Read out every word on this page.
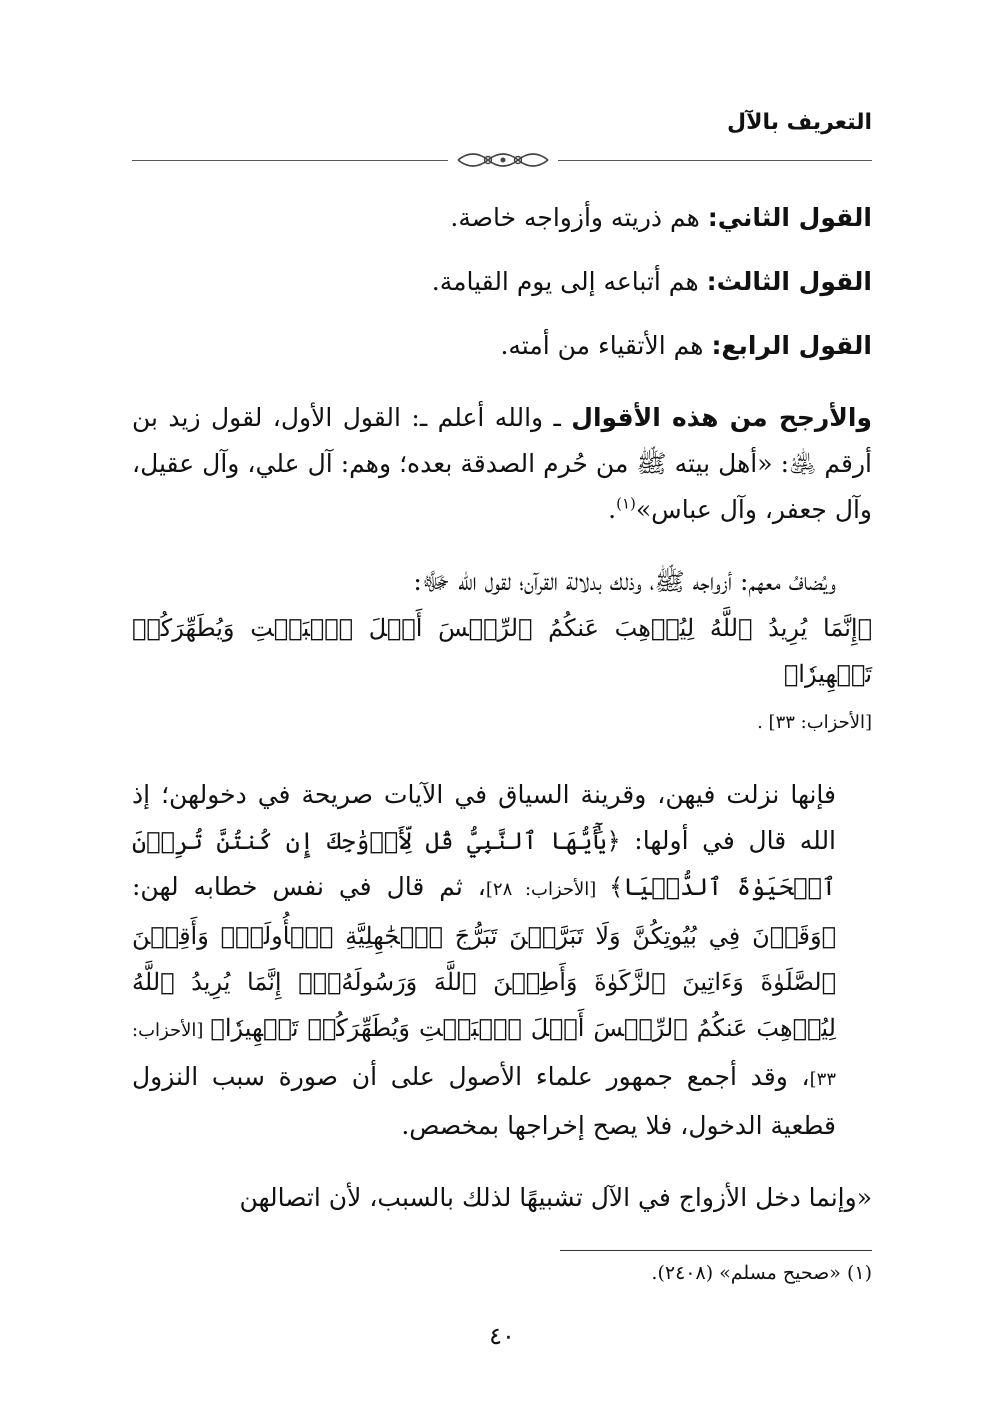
التعريف بالآل

القول الثاني: هم ذريته وأزواجه خاصة.

القول الثالث: هم أتباعه إلى يوم القيامة.

القول الرابع: هم الأتقياء من أمته.

والأرجح من هذه الأقوال ـ والله أعلم ـ: القول الأول، لقول زيد بن أرقم ﵁: «أهل بيته ﷺ من حُرم الصدقة بعده؛ وهم: آل علي، وآل عقيل، وآل جعفر، وآل عباس»$^{(١)}$.

ويُضافُ معهم: أزواجه ﷺ، وذلك بدلالة القرآن؛ لقول الله ﷻ:

﴿إِنَّمَا يُرِيدُ ٱللَّهُ لِيُذۡهِبَ عَنكُمُ ٱلرِّجۡسَ أَهۡلَ ٱلۡبَيۡتِ وَيُطَهِّرَكُمۡ تَطۡهِيرٗا﴾

[الأحزاب: ٣٣] .

فإنها نزلت فيهن، وقرينة السياق في الآيات صريحة في دخولهن؛ إذ الله قال في أولها: ﴿يَٰٓأَيُّهَا ٱلنَّبِيُّ قُل لِّأَزۡوَٰجِكَ إِن كُنتُنَّ تُرِدۡنَ ٱلۡحَيَوٰةَ ٱلدُّنۡيَا﴾ [الأحزاب: ٢٨]، ثم قال في نفس خطابه لهن: ﴿وَقَرۡنَ فِي بُيُوتِكُنَّ وَلَا تَبَرَّجۡنَ تَبَرُّجَ ٱلۡجَٰهِلِيَّةِ ٱلۡأُولَىٰۖ وَأَقِمۡنَ ٱلصَّلَوٰةَ وَءَاتِينَ ٱلزَّكَوٰةَ وَأَطِعۡنَ ٱللَّهَ وَرَسُولَهُۥٓۚ إِنَّمَا يُرِيدُ ٱللَّهُ لِيُذۡهِبَ عَنكُمُ ٱلرِّجۡسَ أَهۡلَ ٱلۡبَيۡتِ وَيُطَهِّرَكُمۡ تَطۡهِيرٗا﴾ [الأحزاب: ٣٣]، وقد أجمع جمهور علماء الأصول على أن صورة سبب النزول قطعية الدخول، فلا يصح إخراجها بمخصص.

«وإنما دخل الأزواج في الآل تشبيهًا لذلك بالسبب، لأن اتصالهن

(١) «صحيح مسلم» (٢٤٠٨).
٤٠
